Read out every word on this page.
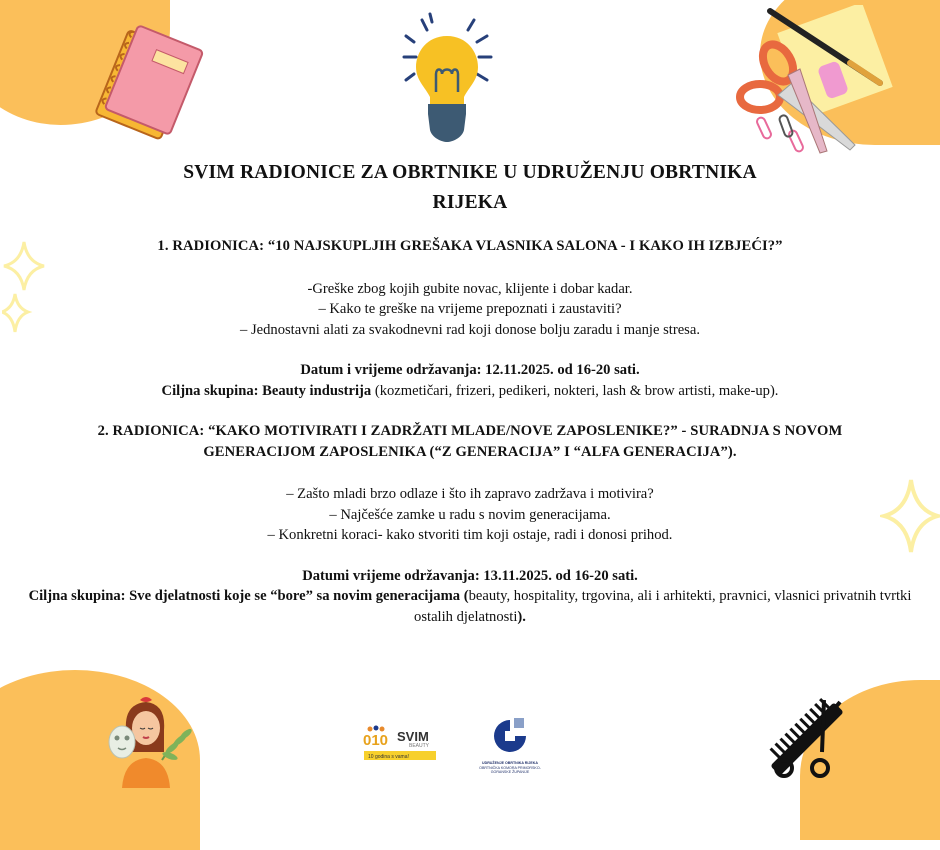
SVIM RADIONICE ZA OBRTNIKE U UDRUŽENJU OBRTNIKA
RIJEKA

1. RADIONICA: “10 NAJSKUPLJIH GREŠAKA VLASNIKA SALONA - I KAKO IH IZBJEĆI?”

-Greške zbog kojih gubite novac, klijente i dobar kadar.

– Kako te greške na vrijeme prepoznati i zaustaviti?

– Jednostavni alati za svakodnevni rad koji donose bolju zaradu i manje stresa.

Datum i vrijeme održavanja: 12.11.2025. od 16-20 sati.

Ciljna skupina: Beauty industrija (kozmetičari, frizeri, pedikeri, nokteri, lash & brow artisti, make-up).

2. RADIONICA: “KAKO MOTIVIRATI I ZADRŽATI MLADE/NOVE ZAPOSLENIKE?” - SURADNJA S NOVOM

GENERACIJOM ZAPOSLENIKA (“Z GENERACIJA” I “ALFA GENERACIJA”).

– Zašto mladi brzo odlaze i što ih zapravo zadržava i motivira?

– Najčešće zamke u radu s novim generacijama.

– Konkretni koraci- kako stvoriti tim koji ostaje, radi i donosi prihod.

Datumi vrijeme održavanja: 13.11.2025. od 16-20 sati.

Ciljna skupina: Sve djelatnosti koje se “bore” sa novim generacijama (beauty, hospitality, trgovina, ali i arhitekti, pravnici, vlasnici privatnih tvrtki ostalih djelatnosti).

010 SVIM
BEAUTY
10 godina s vama!
UDRUŽENJE OBRTNIKA RIJEKA
OBRTNIČKA KOMORA PRIMORSKO-GORANSKE ŽUPANIJE
